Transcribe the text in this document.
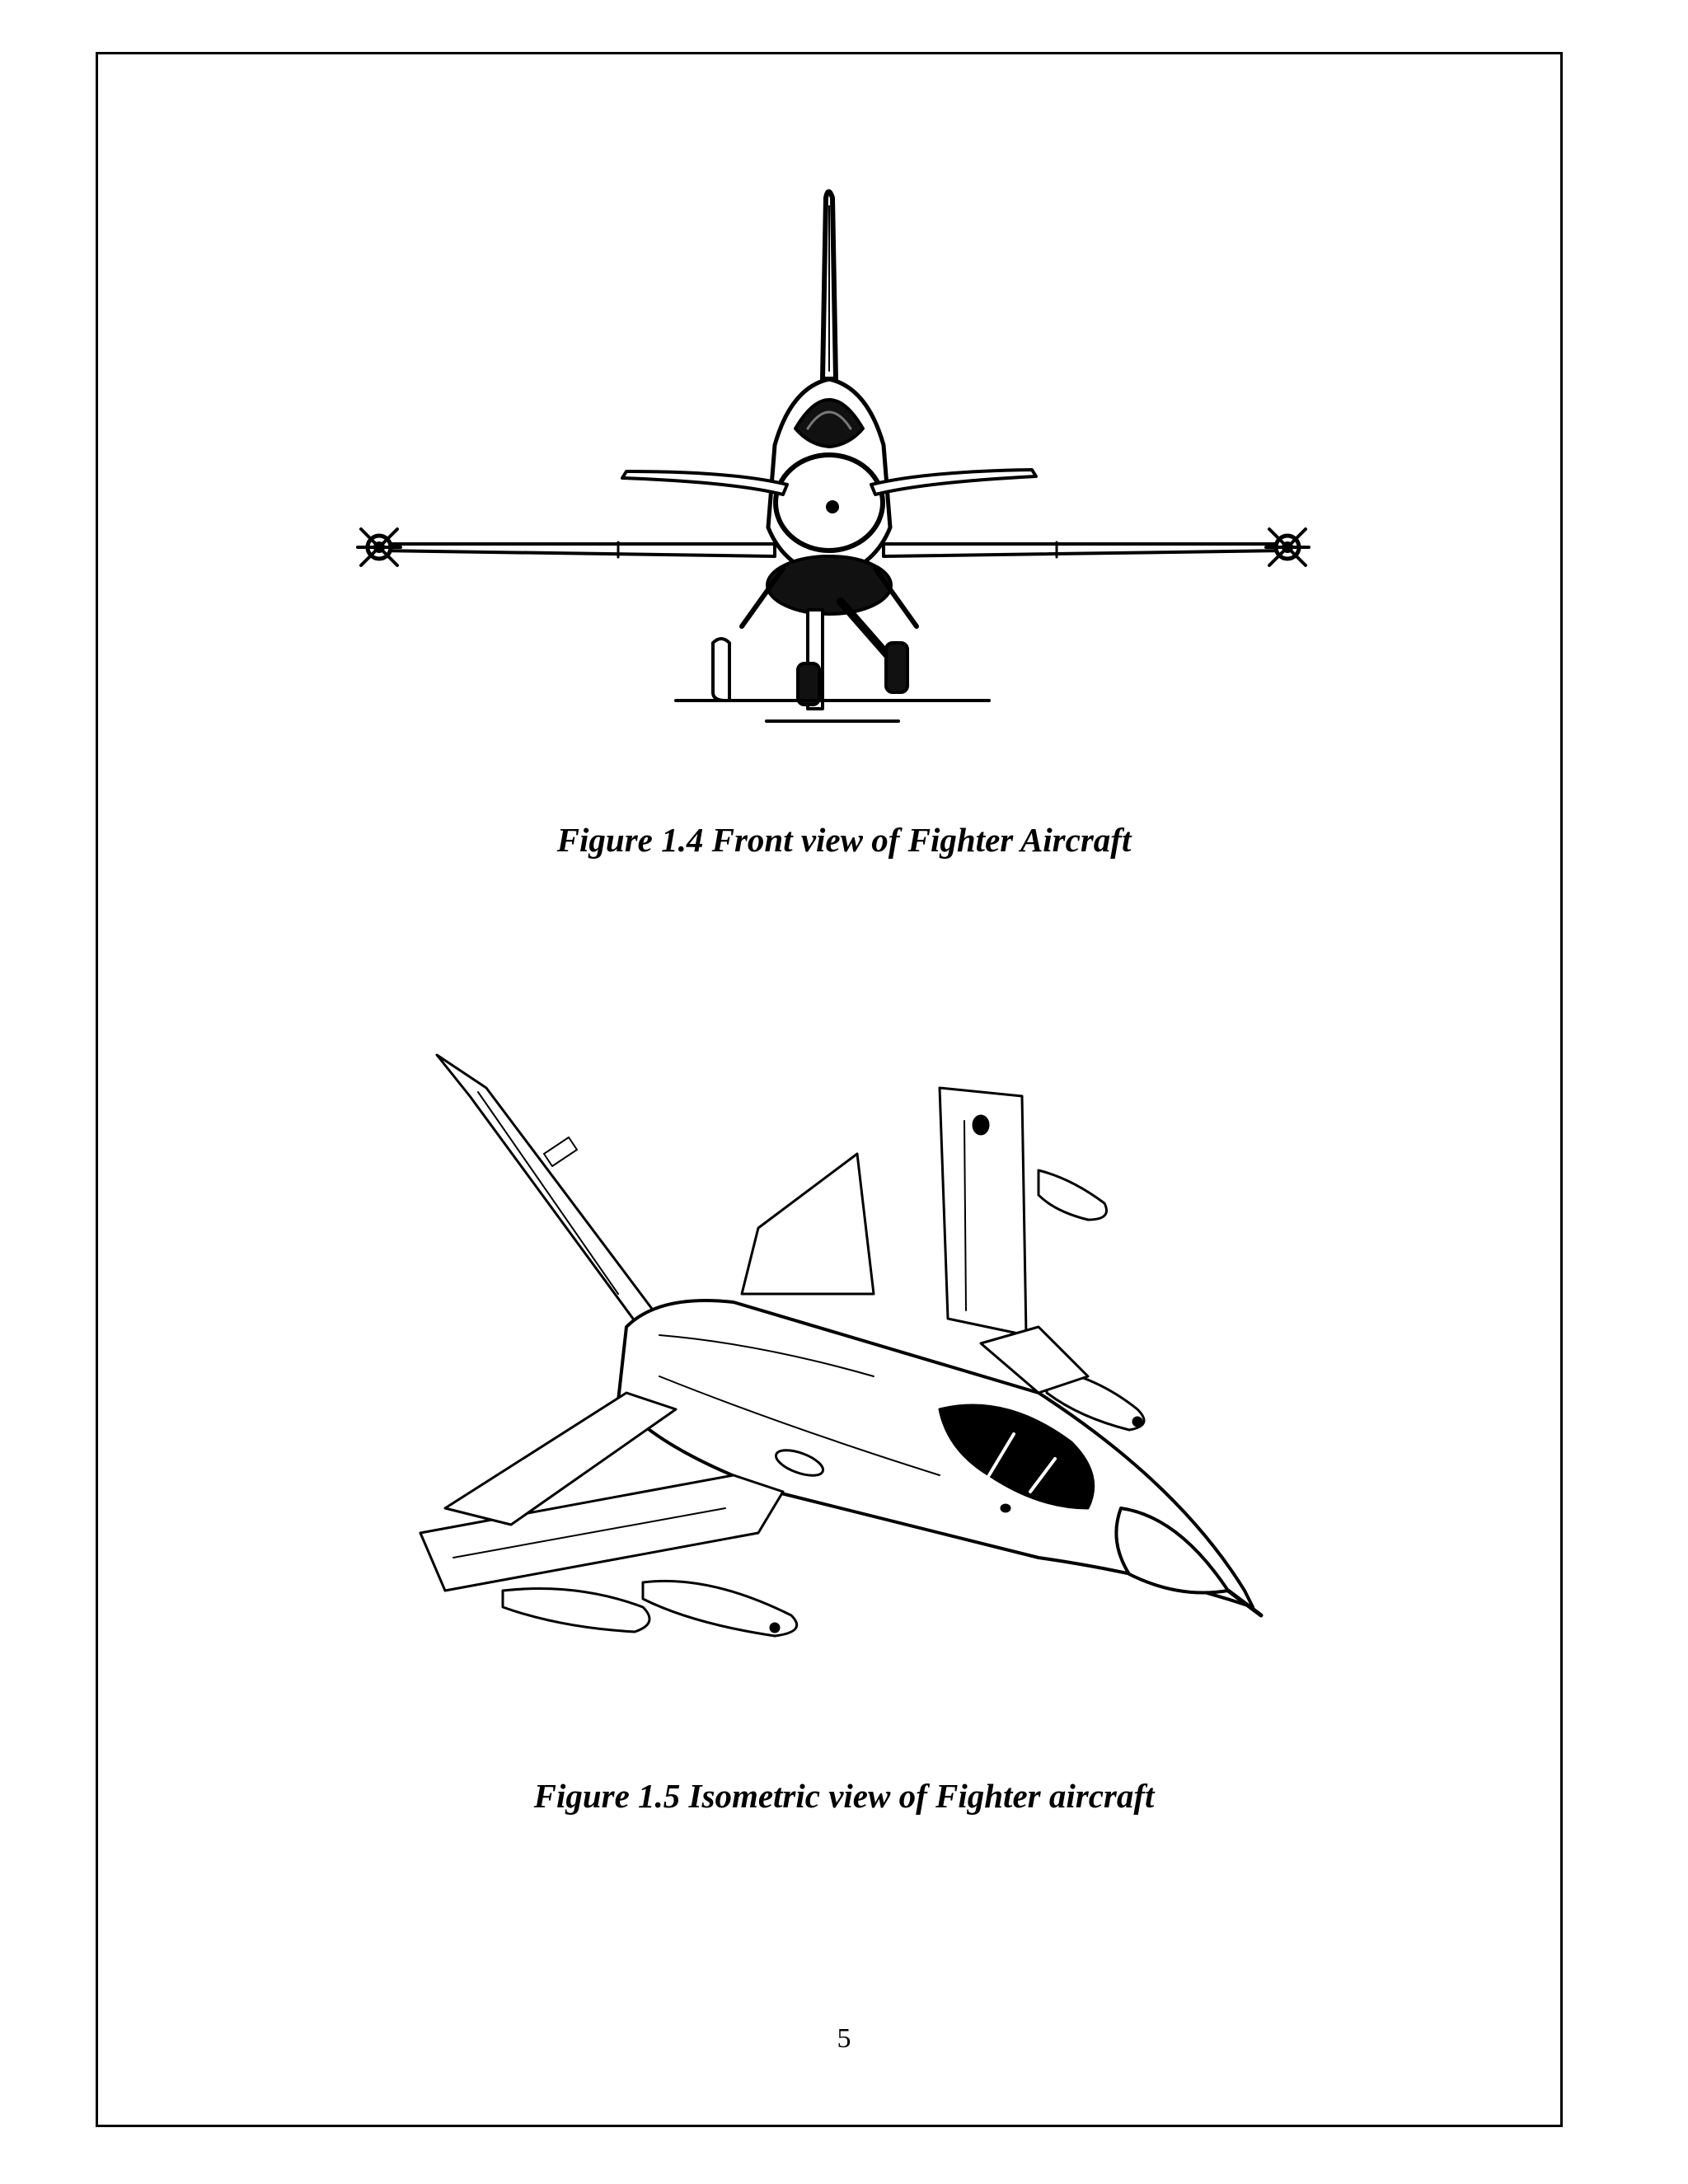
Figure 1.4 Front view of Fighter Aircraft
Figure 1.5 Isometric view of Fighter aircraft
5
